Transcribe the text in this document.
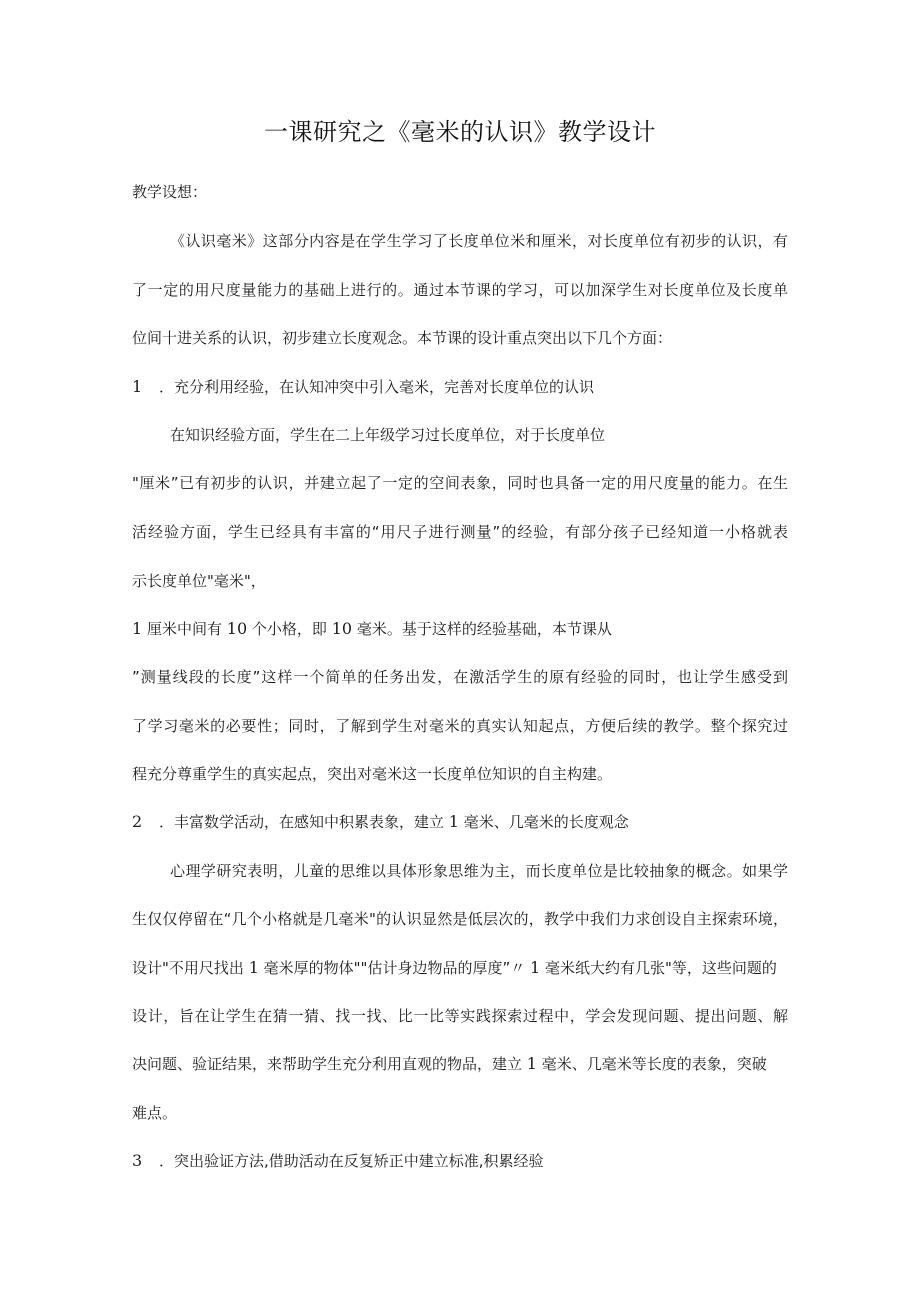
一课研究之《毫米的认识》教学设计
教学设想：
《认识毫米》这部分内容是在学生学习了长度单位米和厘米，对长度单位有初步的认识，有
了一定的用尺度量能力的基础上进行的。通过本节课的学习，可以加深学生对长度单位及长度单
位间十进关系的认识，初步建立长度观念。本节课的设计重点突出以下几个方面：
1 ．充分利用经验，在认知冲突中引入毫米，完善对长度单位的认识
在知识经验方面，学生在二上年级学习过长度单位，对于长度单位
"厘米”已有初步的认识，并建立起了一定的空间表象，同时也具备一定的用尺度量的能力。在生
活经验方面，学生已经具有丰富的“用尺子进行测量”的经验，有部分孩子已经知道一小格就表
示长度单位"毫米"，
1 厘米中间有 10 个小格，即 10 毫米。基于这样的经验基础，本节课从
”测量线段的长度”这样一个简单的任务出发，在激活学生的原有经验的同时，也让学生感受到
了学习毫米的必要性；同时，了解到学生对毫米的真实认知起点，方便后续的教学。整个探究过
程充分尊重学生的真实起点，突出对毫米这一长度单位知识的自主构建。
2 ．丰富数学活动，在感知中积累表象，建立 1 毫米、几毫米的长度观念
心理学研究表明，儿童的思维以具体形象思维为主，而长度单位是比较抽象的概念。如果学
生仅仅停留在“几个小格就是几毫米"的认识显然是低层次的，教学中我们力求创设自主探索环境，
设计"不用尺找出 1 毫米厚的物体""估计身边物品的厚度”〃 1 毫米纸大约有几张"等，这些问题的
设计，旨在让学生在猜一猜、找一找、比一比等实践探索过程中，学会发现问题、提出问题、解
决问题、验证结果，来帮助学生充分利用直观的物品，建立 1 毫米、几毫米等长度的表象，突破
难点。
3 ．突出验证方法,借助活动在反复矫正中建立标准,积累经验
